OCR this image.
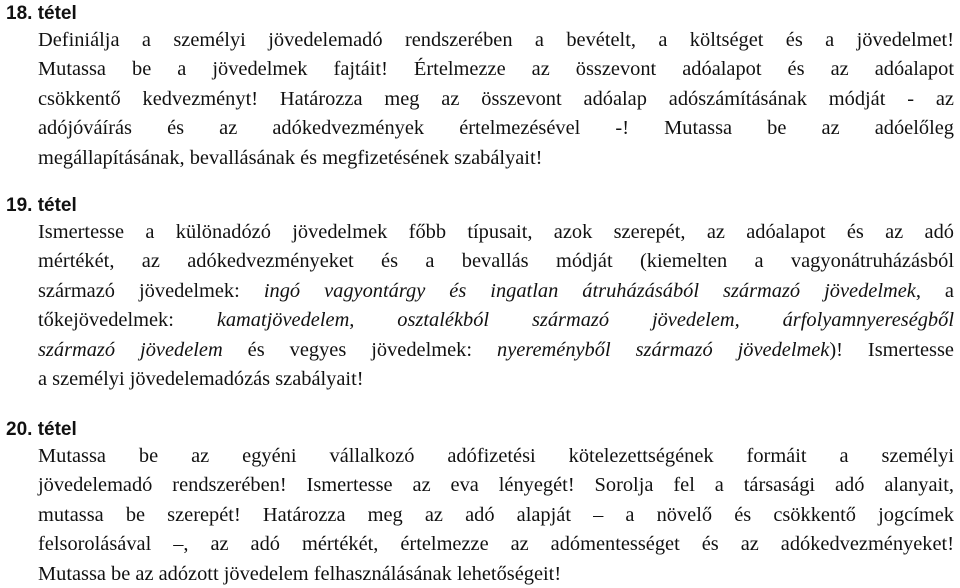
18. tétel
Definiálja a személyi jövedelemadó rendszerében a bevételt, a költséget és a jövedelmet!
Mutassa be a jövedelmek fajtáit! Értelmezze az összevont adóalapot és az adóalapot
csökkentő kedvezményt! Határozza meg az összevont adóalap adószámításának módját - az
adójóváírás és az adókedvezmények értelmezésével -! Mutassa be az adóelőleg
megállapításának, bevallásának és megfizetésének szabályait!
19. tétel
Ismertesse a különadózó jövedelmek főbb típusait, azok szerepét, az adóalapot és az adó
mértékét, az adókedvezményeket és a bevallás módját (kiemelten a vagyonátruházásból
származó jövedelmek: ingó vagyontárgy és ingatlan átruházásából származó jövedelmek, a
tőkejövedelmek: kamatjövedelem, osztalékból származó jövedelem, árfolyamnyereségből
származó jövedelem és vegyes jövedelmek: nyereményből származó jövedelmek)! Ismertesse
a személyi jövedelemadózás szabályait!
20. tétel
Mutassa be az egyéni vállalkozó adófizetési kötelezettségének formáit a személyi
jövedelemadó rendszerében! Ismertesse az eva lényegét! Sorolja fel a társasági adó alanyait,
mutassa be szerepét! Határozza meg az adó alapját – a növelő és csökkentő jogcímek
felsorolásával –, az adó mértékét, értelmezze az adómentességet és az adókedvezményeket!
Mutassa be az adózott jövedelem felhasználásának lehetőségeit!
